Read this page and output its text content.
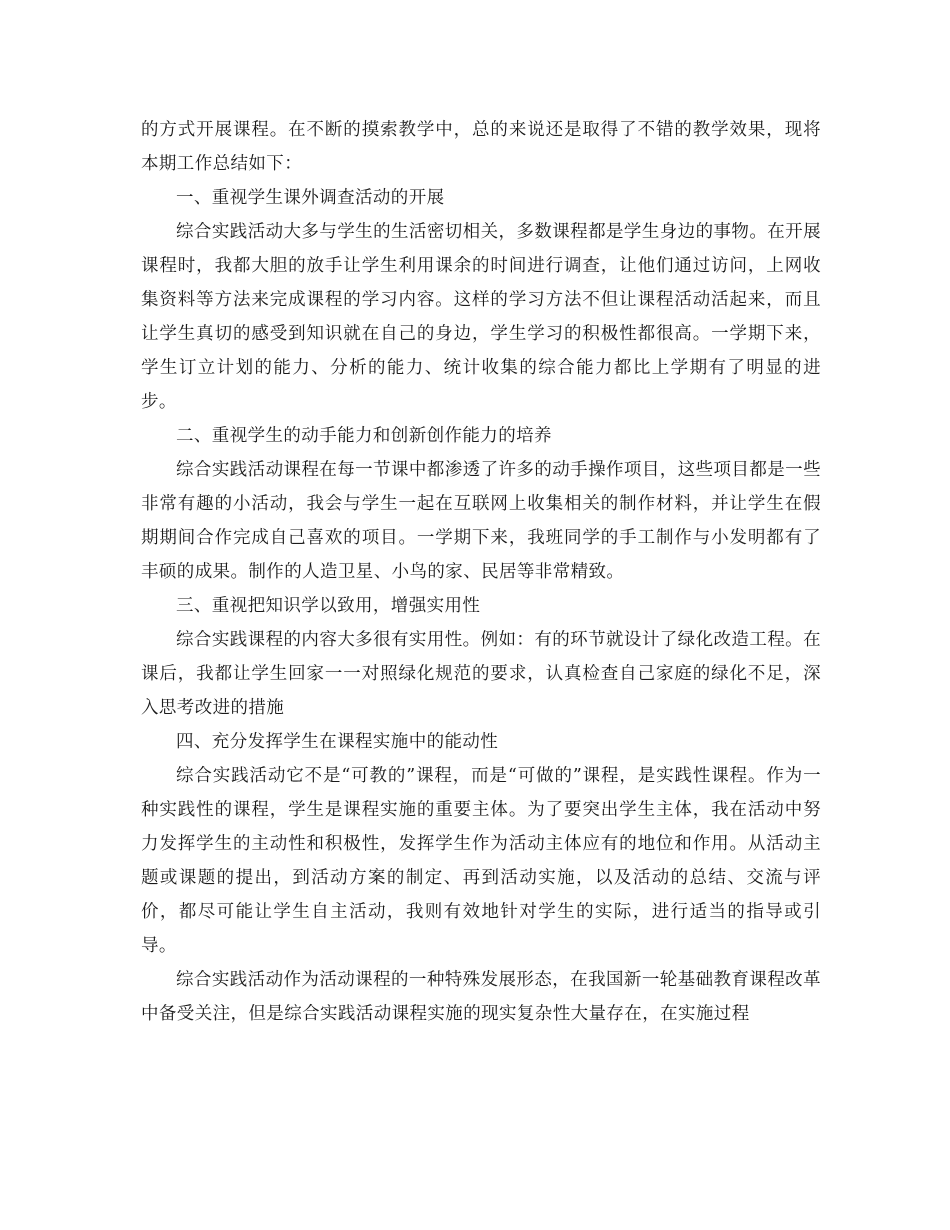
的方式开展课程。在不断的摸索教学中，总的来说还是取得了不错的教学效果，现将本期工作总结如下：

一、重视学生课外调查活动的开展

综合实践活动大多与学生的生活密切相关，多数课程都是学生身边的事物。在开展课程时，我都大胆的放手让学生利用课余的时间进行调查，让他们通过访问，上网收集资料等方法来完成课程的学习内容。这样的学习方法不但让课程活动活起来，而且让学生真切的感受到知识就在自己的身边，学生学习的积极性都很高。一学期下来，学生订立计划的能力、分析的能力、统计收集的综合能力都比上学期有了明显的进步。

二、重视学生的动手能力和创新创作能力的培养

综合实践活动课程在每一节课中都渗透了许多的动手操作项目，这些项目都是一些非常有趣的小活动，我会与学生一起在互联网上收集相关的制作材料，并让学生在假期期间合作完成自己喜欢的项目。一学期下来，我班同学的手工制作与小发明都有了丰硕的成果。制作的人造卫星、小鸟的家、民居等非常精致。

三、重视把知识学以致用，增强实用性

综合实践课程的内容大多很有实用性。例如：有的环节就设计了绿化改造工程。在课后，我都让学生回家一一对照绿化规范的要求，认真检查自己家庭的绿化不足，深入思考改进的措施

四、充分发挥学生在课程实施中的能动性

综合实践活动它不是“可教的”课程，而是“可做的”课程，是实践性课程。作为一种实践性的课程，学生是课程实施的重要主体。为了要突出学生主体，我在活动中努力发挥学生的主动性和积极性，发挥学生作为活动主体应有的地位和作用。从活动主题或课题的提出，到活动方案的制定、再到活动实施，以及活动的总结、交流与评价，都尽可能让学生自主活动，我则有效地针对学生的实际，进行适当的指导或引导。

综合实践活动作为活动课程的一种特殊发展形态，在我国新一轮基础教育课程改革中备受关注，但是综合实践活动课程实施的现实复杂性大量存在，在实施过程
